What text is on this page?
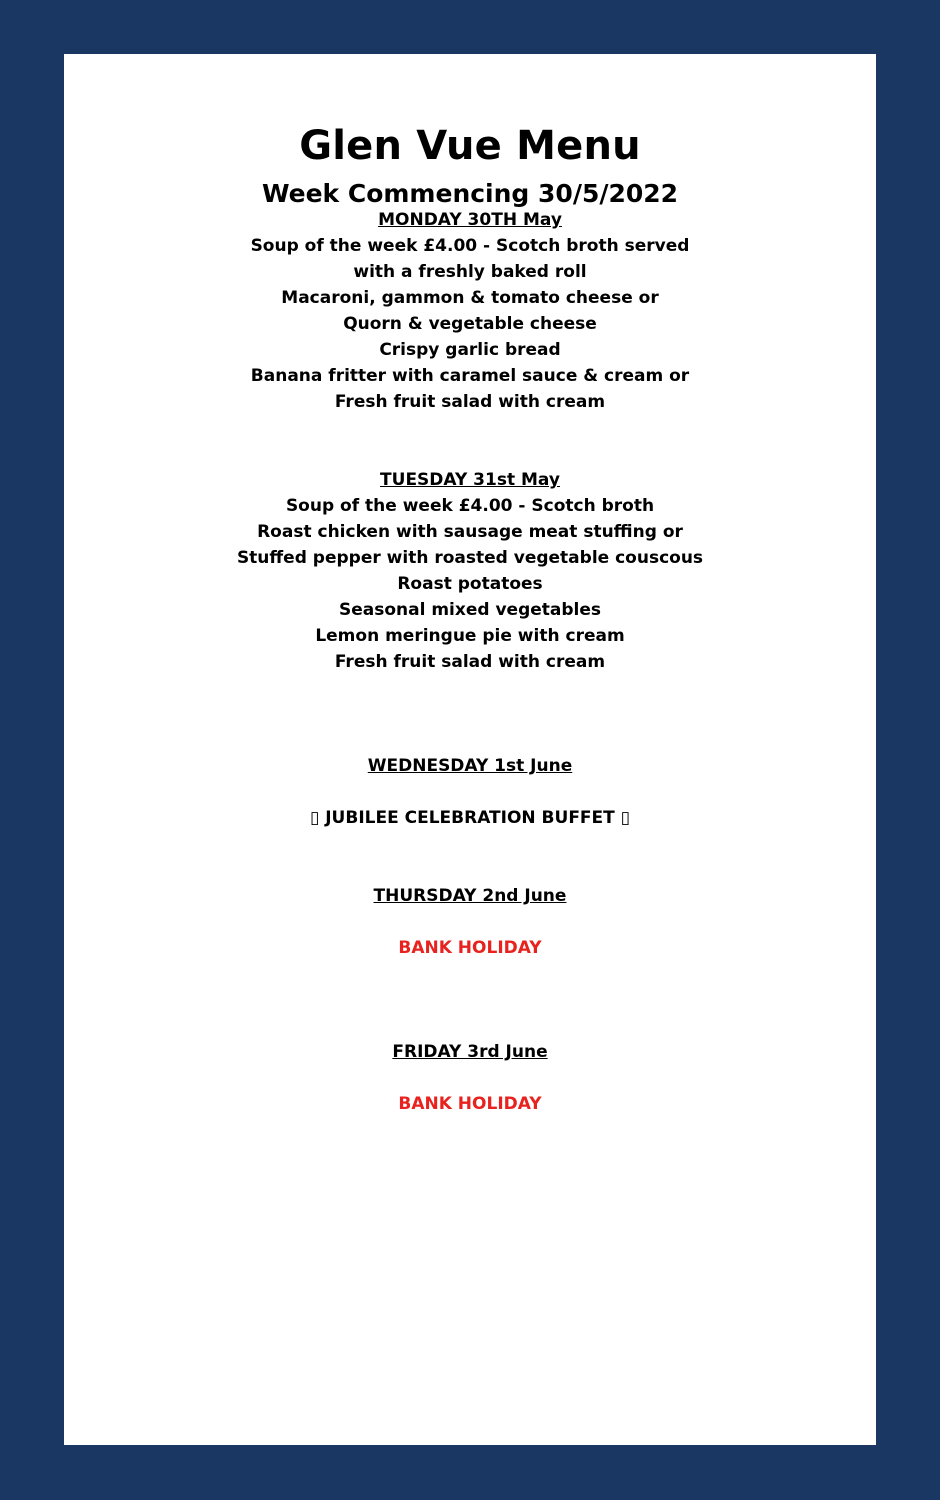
Glen Vue Menu
Week Commencing 30/5/2022
MONDAY 30TH May
Soup of the week £4.00 - Scotch broth served
with a freshly baked roll
Macaroni, gammon & tomato cheese or
Quorn & vegetable cheese
Crispy garlic bread
Banana fritter with caramel sauce & cream or
Fresh fruit salad with cream
TUESDAY 31st May
Soup of the week £4.00 - Scotch broth
Roast chicken with sausage meat stuffing or
Stuffed pepper with roasted vegetable couscous
Roast potatoes
Seasonal mixed vegetables
Lemon meringue pie with cream
Fresh fruit salad with cream
WEDNESDAY 1st June
▯ JUBILEE CELEBRATION BUFFET ▯
THURSDAY 2nd June
BANK HOLIDAY
FRIDAY 3rd June
BANK HOLIDAY
